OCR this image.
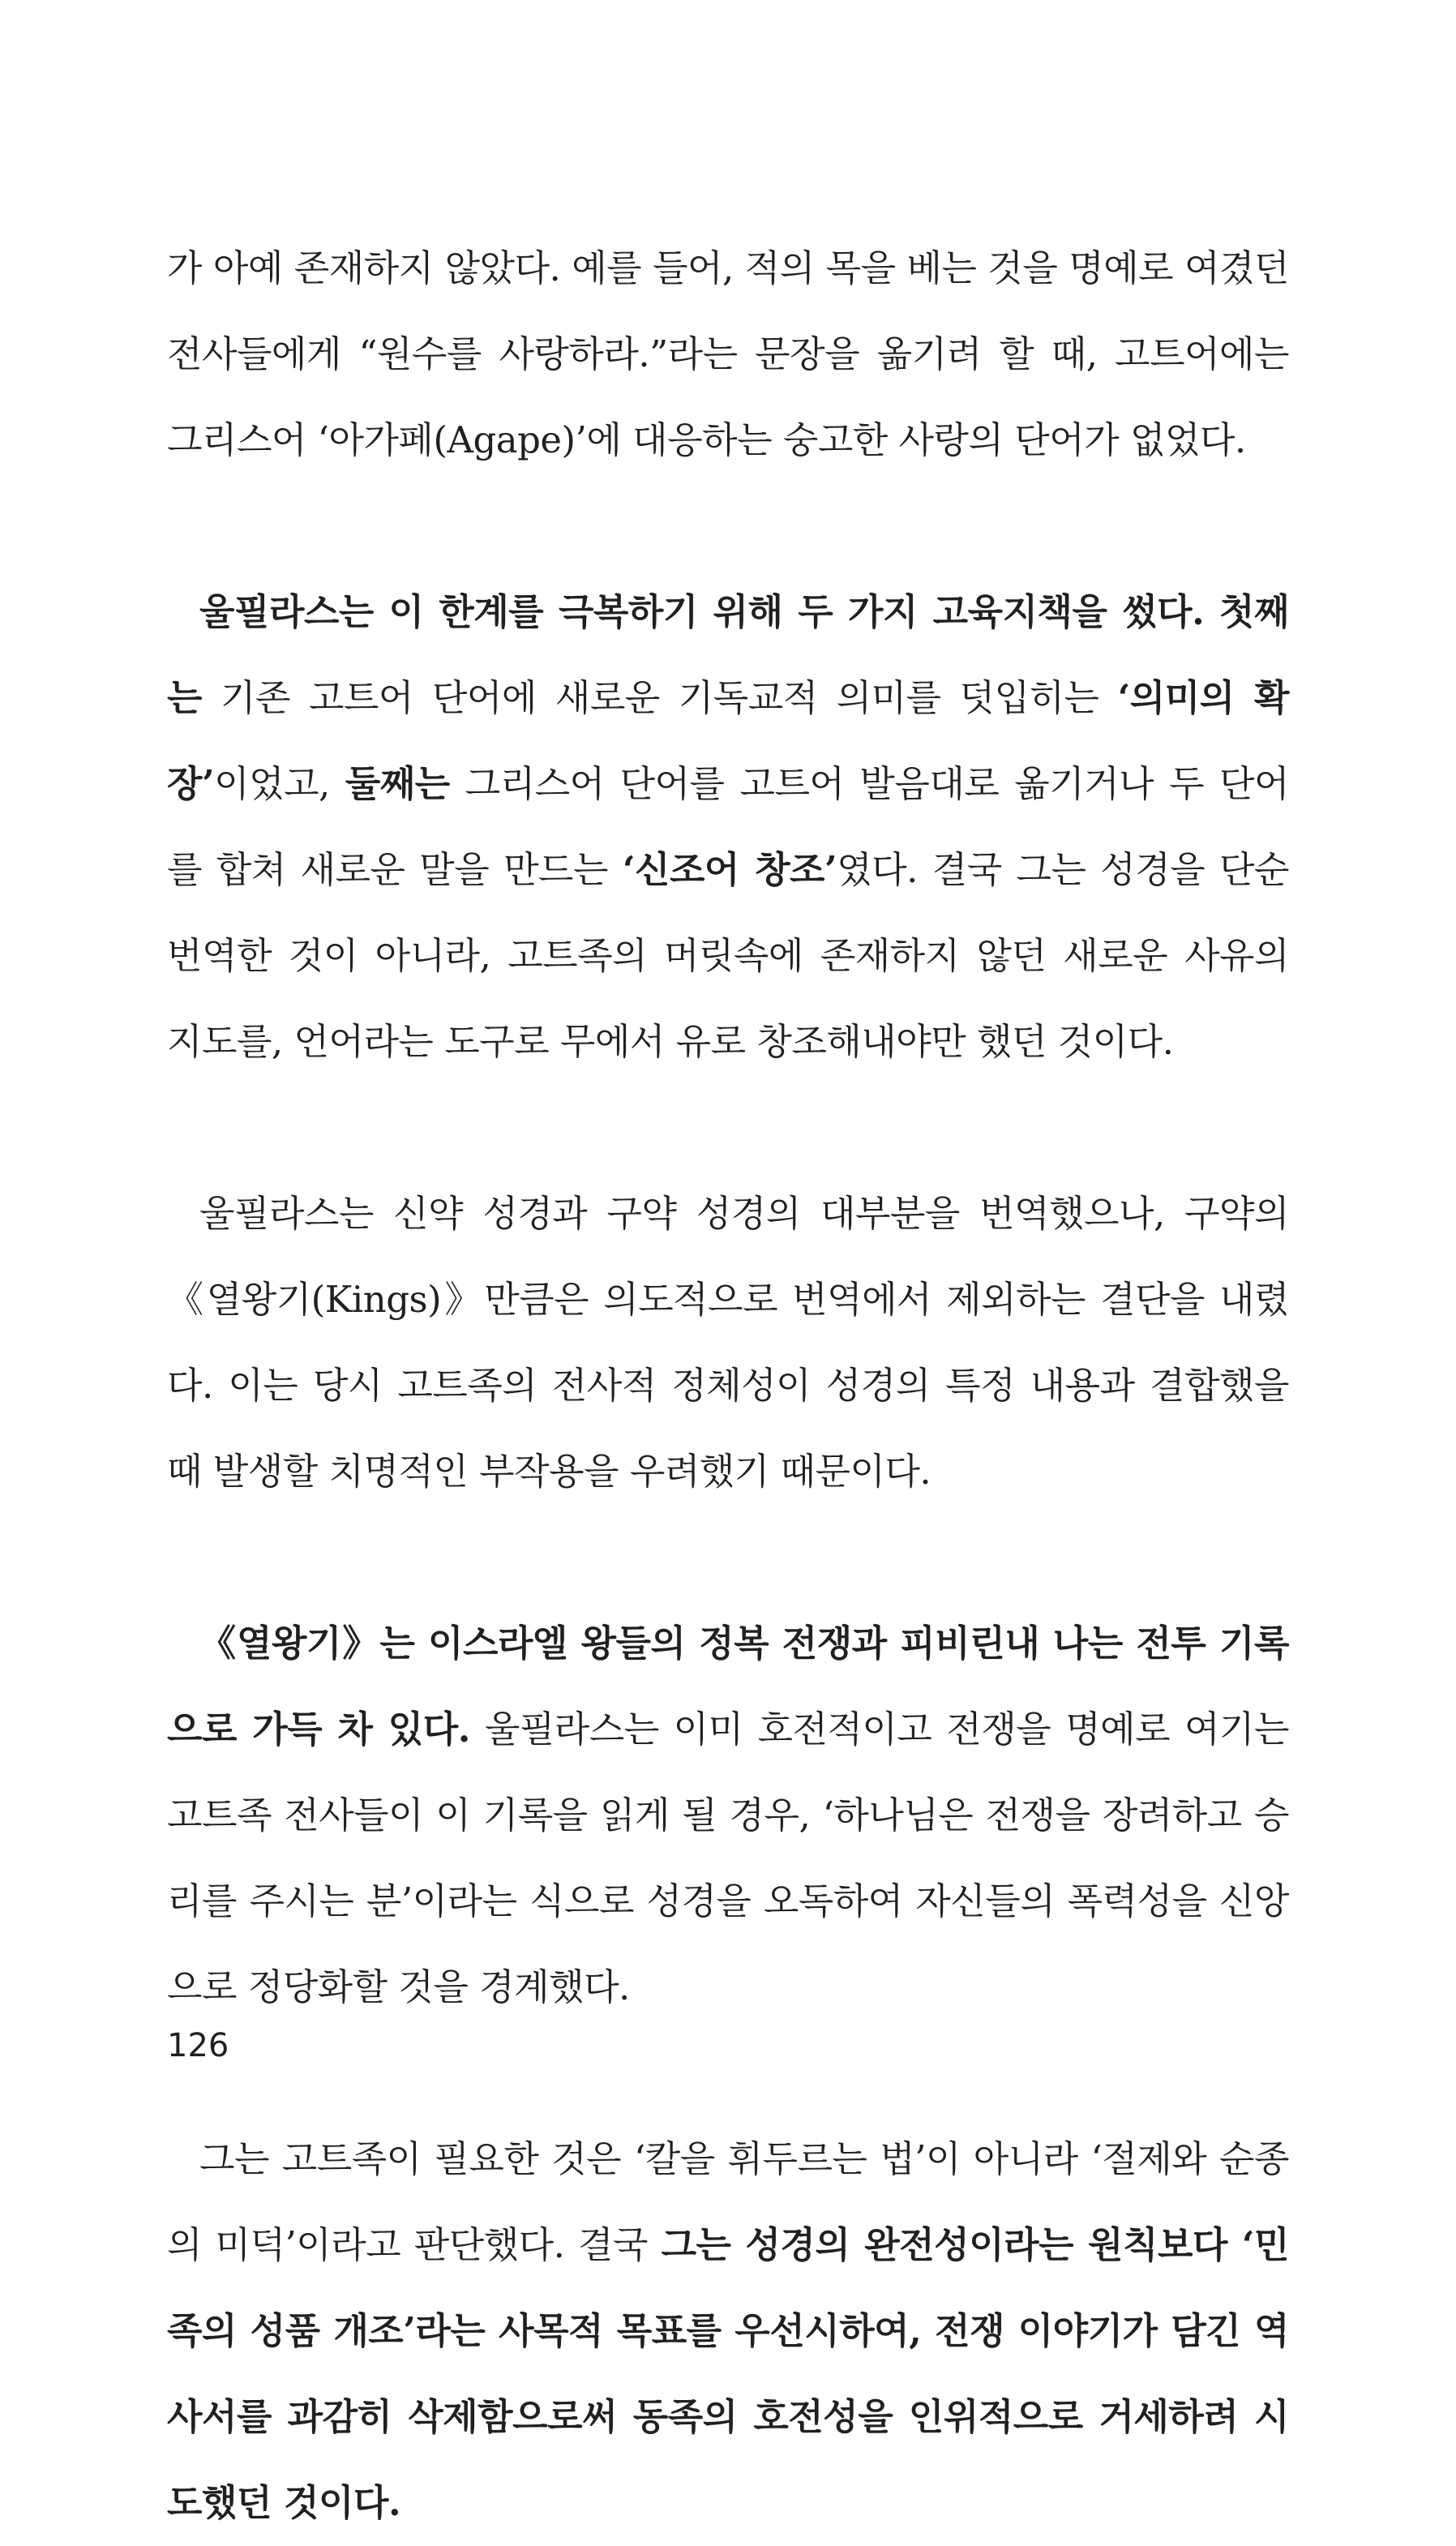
가 아예 존재하지 않았다. 예를 들어, 적의 목을 베는 것을 명예로 여겼던 전사들에게 “원수를 사랑하라.”라는 문장을 옮기려 할 때, 고트어에는 그리스어 ‘아가페(Agape)’에 대응하는 숭고한 사랑의 단어가 없었다.

울필라스는 이 한계를 극복하기 위해 두 가지 고육지책을 썼다. 첫째는 기존 고트어 단어에 새로운 기독교적 의미를 덧입히는 ‘의미의 확장’이었고, 둘째는 그리스어 단어를 고트어 발음대로 옮기거나 두 단어를 합쳐 새로운 말을 만드는 ‘신조어 창조’였다. 결국 그는 성경을 단순 번역한 것이 아니라, 고트족의 머릿속에 존재하지 않던 새로운 사유의 지도를, 언어라는 도구로 무에서 유로 창조해내야만 했던 것이다.

울필라스는 신약 성경과 구약 성경의 대부분을 번역했으나, 구약의 《열왕기(Kings)》만큼은 의도적으로 번역에서 제외하는 결단을 내렸다. 이는 당시 고트족의 전사적 정체성이 성경의 특정 내용과 결합했을 때 발생할 치명적인 부작용을 우려했기 때문이다.

《열왕기》는 이스라엘 왕들의 정복 전쟁과 피비린내 나는 전투 기록으로 가득 차 있다. 울필라스는 이미 호전적이고 전쟁을 명예로 여기는 고트족 전사들이 이 기록을 읽게 될 경우, ‘하나님은 전쟁을 장려하고 승리를 주시는 분’이라는 식으로 성경을 오독하여 자신들의 폭력성을 신앙으로 정당화할 것을 경계했다.

그는 고트족이 필요한 것은 ‘칼을 휘두르는 법’이 아니라 ‘절제와 순종의 미덕’이라고 판단했다. 결국 그는 성경의 완전성이라는 원칙보다 ‘민족의 성품 개조’라는 사목적 목표를 우선시하여, 전쟁 이야기가 담긴 역사서를 과감히 삭제함으로써 동족의 호전성을 인위적으로 거세하려 시도했던 것이다.

126
